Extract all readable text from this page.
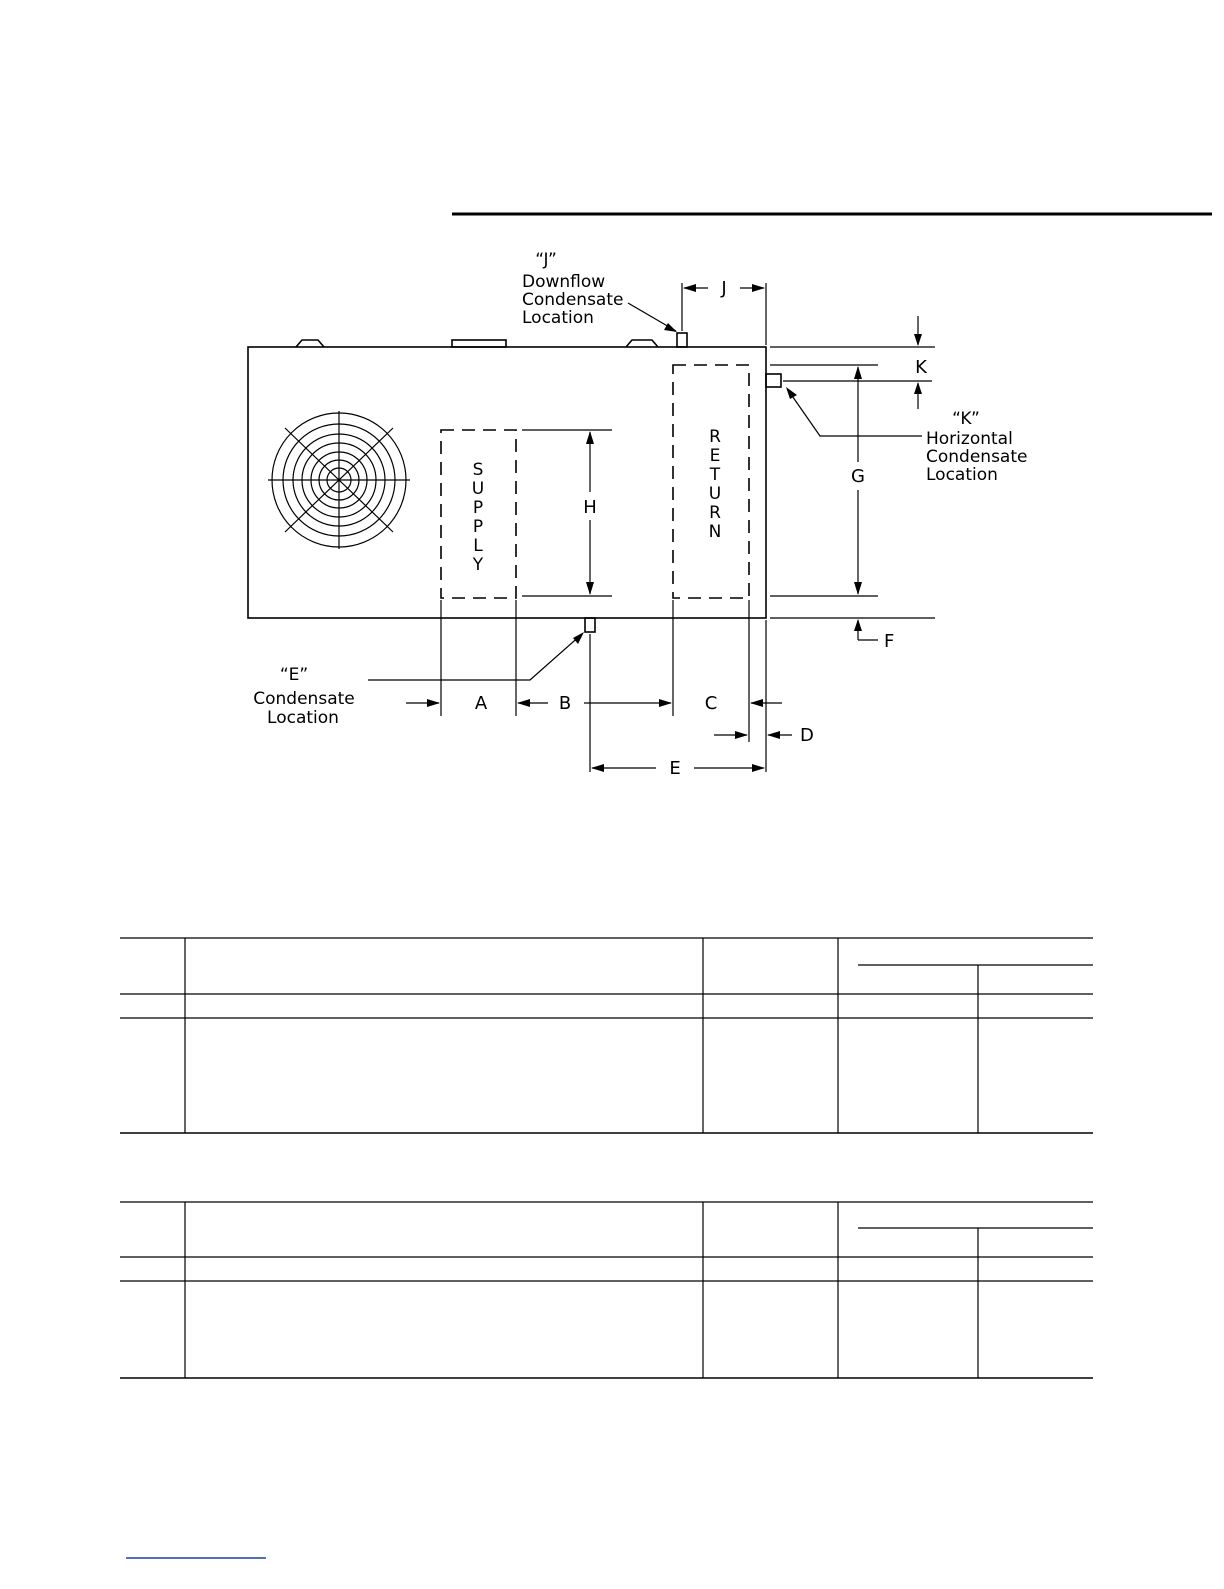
S
U
P
P
L
Y
R
E
T
U
R
N
H
K
G
F
J
A	B	C
D
E
“J”
Downflow
Condensate
Location
“K”
Horizontal
Condensate
Location
“E”
Condensate
Location
